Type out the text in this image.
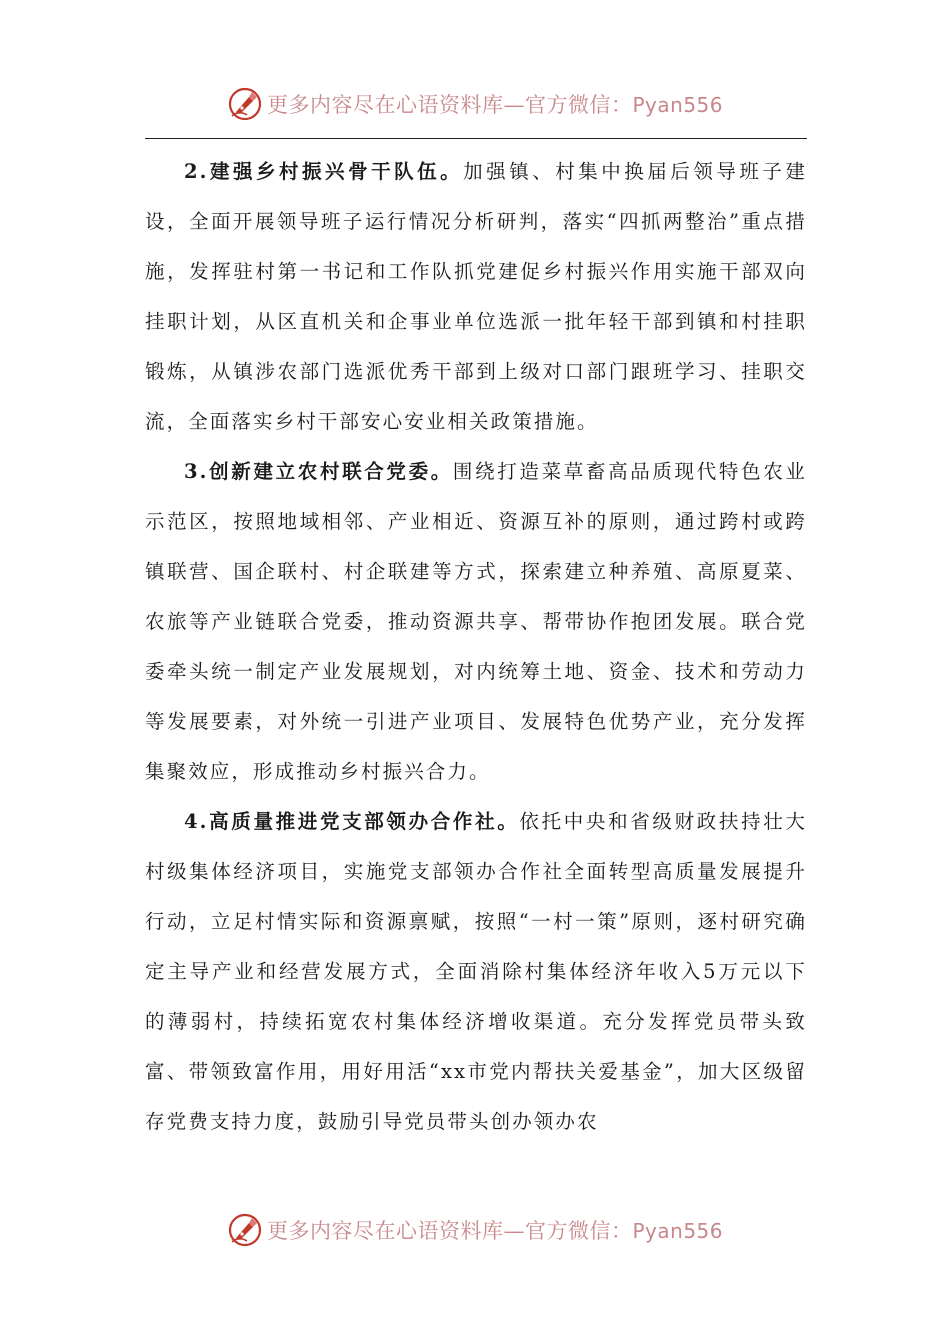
更多内容尽在心语资料库—官方微信：Pyan556

2.建强乡村振兴骨干队伍。加强镇、村集中换届后领导班子建设，全面开展领导班子运行情况分析研判，落实“四抓两整治”重点措施，发挥驻村第一书记和工作队抓党建促乡村振兴作用实施干部双向挂职计划，从区直机关和企事业单位选派一批年轻干部到镇和村挂职锻炼，从镇涉农部门选派优秀干部到上级对口部门跟班学习、挂职交流，全面落实乡村干部安心安业相关政策措施。

3.创新建立农村联合党委。围绕打造菜草畜高品质现代特色农业示范区，按照地域相邻、产业相近、资源互补的原则，通过跨村或跨镇联营、国企联村、村企联建等方式，探索建立种养殖、高原夏菜、农旅等产业链联合党委，推动资源共享、帮带协作抱团发展。联合党委牵头统一制定产业发展规划，对内统筹土地、资金、技术和劳动力等发展要素，对外统一引进产业项目、发展特色优势产业，充分发挥集聚效应，形成推动乡村振兴合力。

4.高质量推进党支部领办合作社。依托中央和省级财政扶持壮大村级集体经济项目，实施党支部领办合作社全面转型高质量发展提升行动，立足村情实际和资源禀赋，按照“一村一策”原则，逐村研究确定主导产业和经营发展方式，全面消除村集体经济年收入5万元以下的薄弱村，持续拓宽农村集体经济增收渠道。充分发挥党员带头致富、带领致富作用，用好用活“xx市党内帮扶关爱基金”，加大区级留存党费支持力度，鼓励引导党员带头创办领办农

更多内容尽在心语资料库—官方微信：Pyan556
